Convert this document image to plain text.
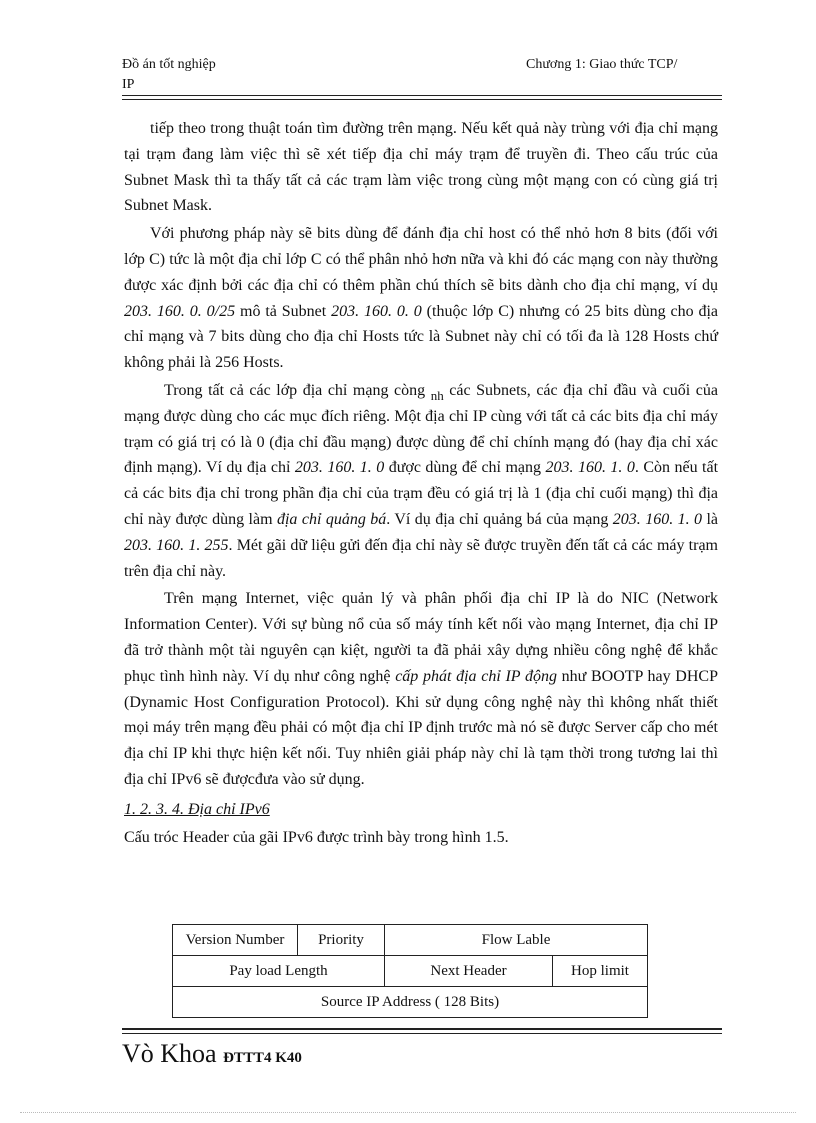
Đồ án tốt nghiệp	Chương 1: Giao thức TCP/
IP

tiếp theo trong thuật toán tìm đường trên mạng. Nếu kết quả này trùng với địa chỉ mạng tại trạm đang làm việc thì sẽ xét tiếp địa chỉ máy trạm để truyền đi. Theo cấu trúc của Subnet Mask thì ta thấy tất cả các trạm làm việc trong cùng một mạng con có cùng giá trị Subnet Mask.

Với phương pháp này sẽ bits dùng để đánh địa chỉ host có thể nhỏ hơn 8 bits (đối với lớp C) tức là một địa chỉ lớp C có thể phân nhỏ hơn nữa và khi đó các mạng con này thường được xác định bởi các địa chỉ có thêm phần chú thích sẽ bits dành cho địa chỉ mạng, ví dụ 203. 160. 0. 0/25 mô tả Subnet 203. 160. 0. 0 (thuộc lớp C) nhưng có 25 bits dùng cho địa chỉ mạng và 7 bits dùng cho địa chỉ Hosts tức là Subnet này chỉ có tối đa là 128 Hosts chứ không phải là 256 Hosts.

Trong tất cả các lớp địa chỉ mạng còng $_{nh}$ các Subnets, các địa chỉ đầu và cuối của mạng được dùng cho các mục đích riêng. Một địa chỉ IP cùng với tất cả các bits địa chỉ máy trạm có giá trị có là 0 (địa chỉ đầu mạng) được dùng để chỉ chính mạng đó (hay địa chỉ xác định mạng). Ví dụ địa chỉ 203. 160. 1. 0 được dùng để chỉ mạng 203. 160. 1. 0. Còn nếu tất cả các bits địa chỉ trong phần địa chỉ của trạm đều có giá trị là 1 (địa chỉ cuối mạng) thì địa chỉ này được dùng làm địa chỉ quảng bá. Ví dụ địa chỉ quảng bá của mạng 203. 160. 1. 0 là 203. 160. 1. 255. Mét gãi dữ liệu gửi đến địa chỉ này sẽ được truyền đến tất cả các máy trạm trên địa chỉ này.

Trên mạng Internet, việc quản lý và phân phối địa chỉ IP là do NIC (Network Information Center). Với sự bùng nổ của số máy tính kết nối vào mạng Internet, địa chỉ IP đã trở thành một tài nguyên cạn kiệt, người ta đã phải xây dựng nhiều công nghệ để khắc phục tình hình này. Ví dụ như công nghệ cấp phát địa chỉ IP động như BOOTP hay DHCP (Dynamic Host Configuration Protocol). Khi sử dụng công nghệ này thì không nhất thiết mọi máy trên mạng đều phải có một địa chỉ IP định trước mà nó sẽ được Server cấp cho mét địa chỉ IP khi thực hiện kết nối. Tuy nhiên giải pháp này chỉ là tạm thời trong tương lai thì địa chỉ IPv6 sẽ đượcđưa vào sử dụng.

1. 2. 3. 4. Địa chỉ IPv6

Cấu tróc Header của gãi IPv6 được trình bày trong hình 1.5.

Version Number	Priority	Flow Lable	
Pay load Length		Next Header	Hop limit
Source IP Address ( 128 Bits)			
Vò Khoa ĐTTT4 K40
